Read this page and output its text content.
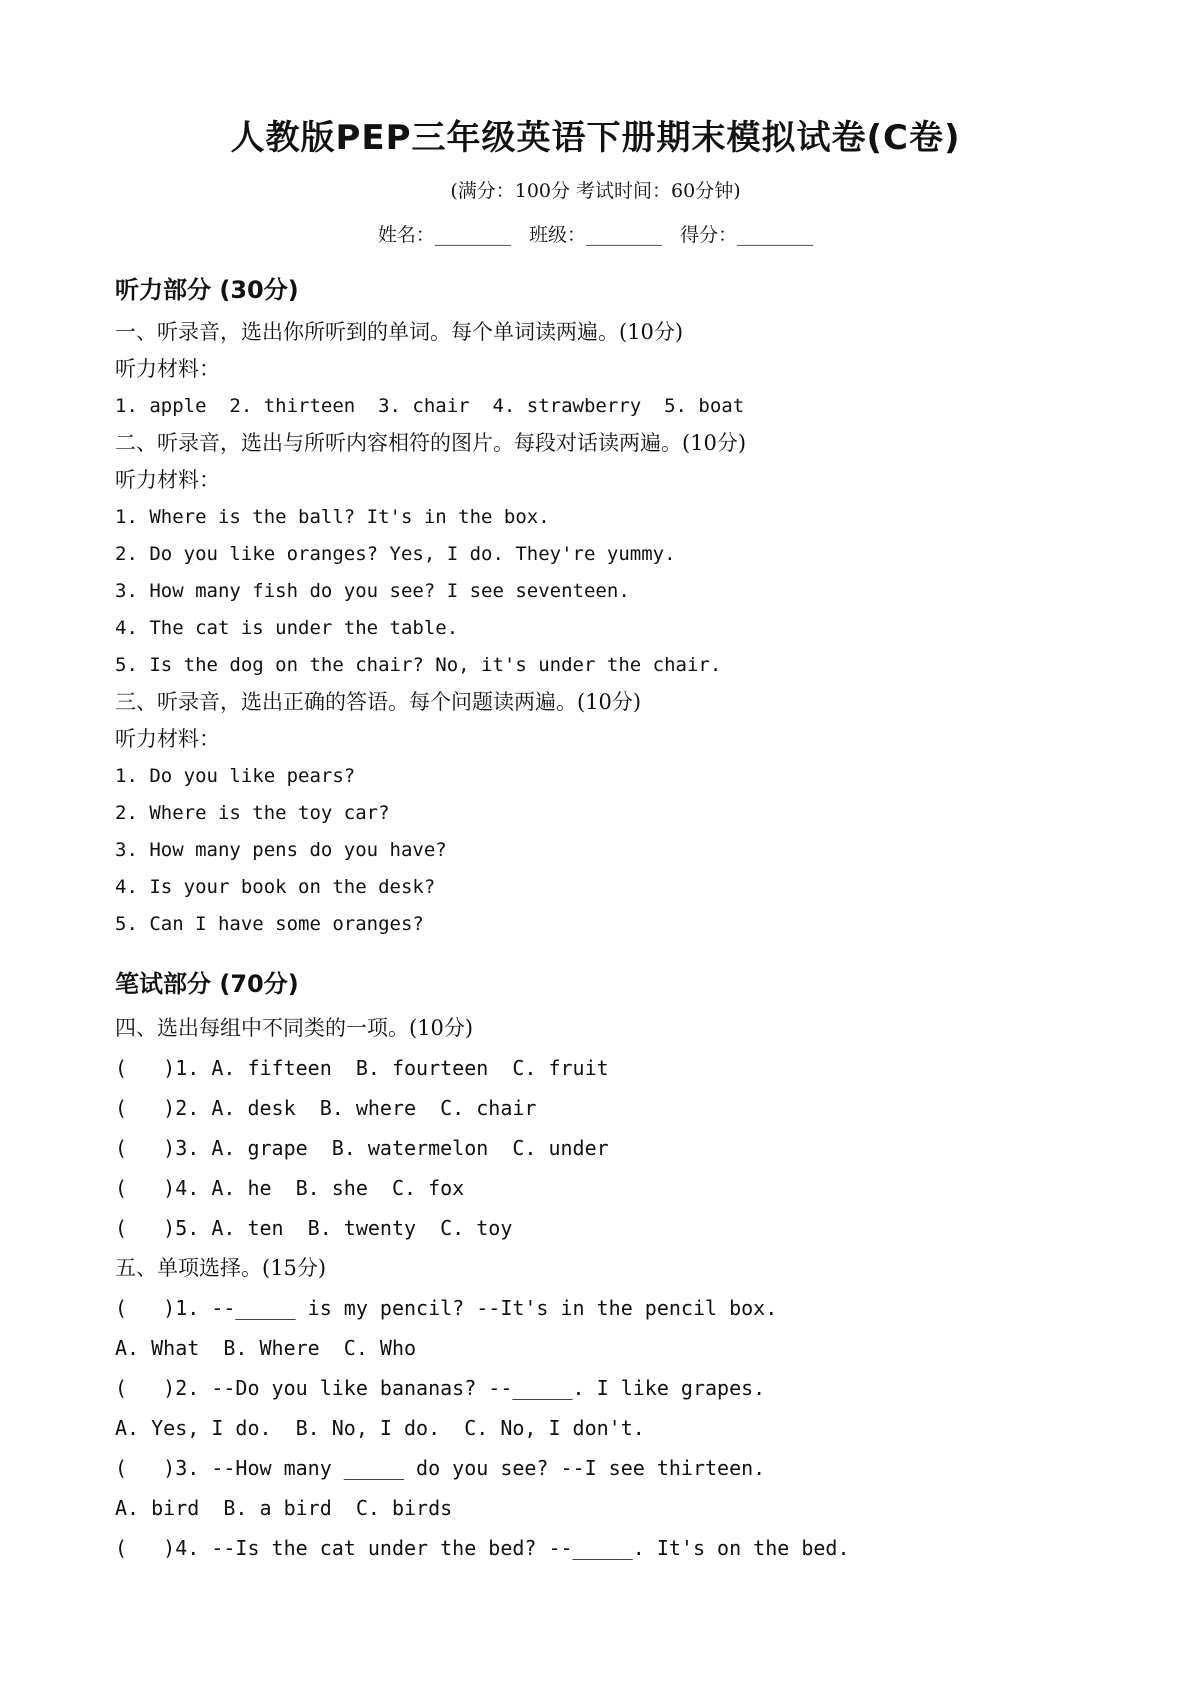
人教版PEP三年级英语下册期末模拟试卷(C卷)

(满分：100分 考试时间：60分钟)

姓名：________ 班级：________ 得分：________

听力部分 (30分)
一、听录音，选出你所听到的单词。每个单词读两遍。(10分)
听力材料：
1. apple  2. thirteen  3. chair  4. strawberry  5. boat
二、听录音，选出与所听内容相符的图片。每段对话读两遍。(10分)
听力材料：
1. Where is the ball? It's in the box.
2. Do you like oranges? Yes, I do. They're yummy.
3. How many fish do you see? I see seventeen.
4. The cat is under the table.
5. Is the dog on the chair? No, it's under the chair.
三、听录音，选出正确的答语。每个问题读两遍。(10分)
听力材料：
1. Do you like pears?
2. Where is the toy car?
3. How many pens do you have?
4. Is your book on the desk?
5. Can I have some oranges?
笔试部分 (70分)
四、选出每组中不同类的一项。(10分)
(   )1. A. fifteen  B. fourteen  C. fruit
(   )2. A. desk  B. where  C. chair
(   )3. A. grape  B. watermelon  C. under
(   )4. A. he  B. she  C. fox
(   )5. A. ten  B. twenty  C. toy
五、单项选择。(15分)
(   )1. --_____ is my pencil? --It's in the pencil box.
A. What  B. Where  C. Who
(   )2. --Do you like bananas? --_____. I like grapes.
A. Yes, I do.  B. No, I do.  C. No, I don't.
(   )3. --How many _____ do you see? --I see thirteen.
A. bird  B. a bird  C. birds
(   )4. --Is the cat under the bed? --_____. It's on the bed.
